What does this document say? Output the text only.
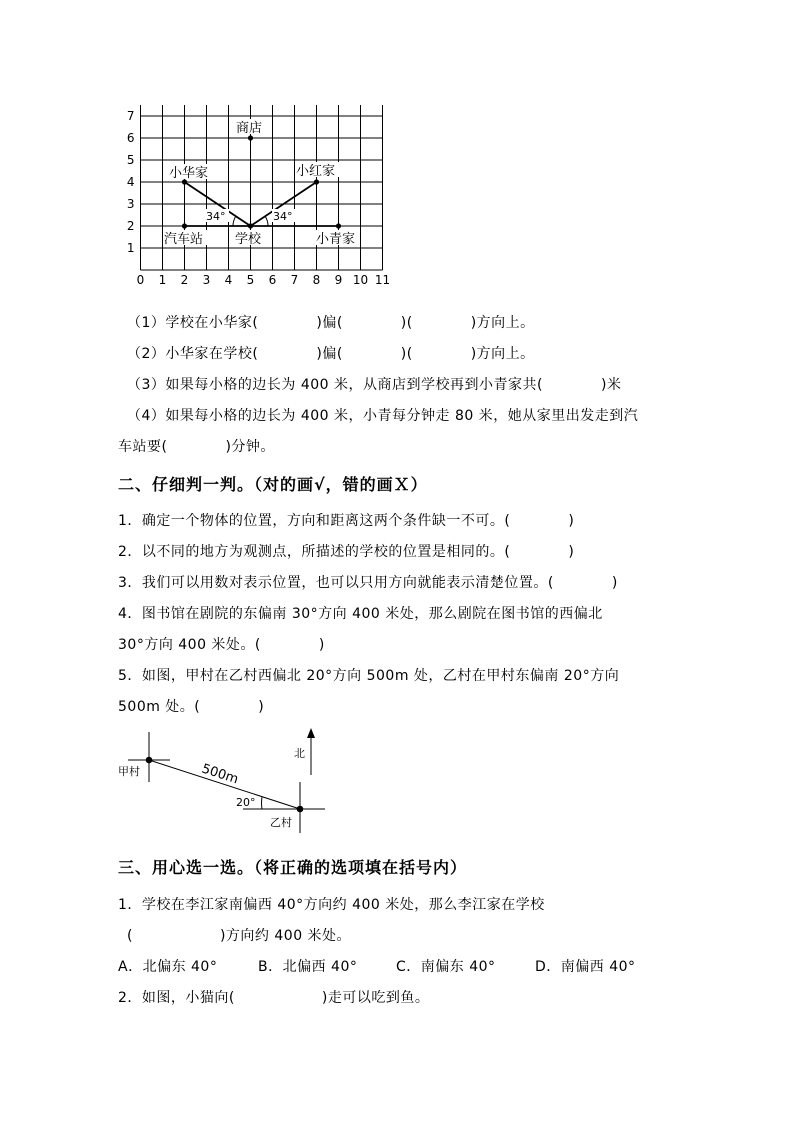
0 1 2 3 4 5 6 7 8 9 10 11
1
2
3
4
5
6
7
商店
小华家	小红家
34°	34°
汽车站 学校	小青家
（1）学校在小华家(　　　　)偏(　　　　)(　　　　)方向上。
（2）小华家在学校(　　　　)偏(　　　　)(　　　　)方向上。
（3）如果每小格的边长为 400 米，从商店到学校再到小青家共(　　　　)米
（4）如果每小格的边长为 400 米，小青每分钟走 80 米，她从家里出发走到汽
车站要(　　　　)分钟。
二、仔细判一判。（对的画√，错的画Ｘ）
1．确定一个物体的位置，方向和距离这两个条件缺一不可。(　　　　)
2．以不同的地方为观测点，所描述的学校的位置是相同的。(　　　　)
3．我们可以用数对表示位置，也可以只用方向就能表示清楚位置。(　　　　)
4．图书馆在剧院的东偏南 30°方向 400 米处，那么剧院在图书馆的西偏北
30°方向 400 米处。(　　　　)
5．如图，甲村在乙村西偏北 20°方向 500m 处，乙村在甲村东偏南 20°方向
500m 处。(　　　　)
甲村
乙村
500m
20°
北
三、用心选一选。（将正确的选项填在括号内）
1．学校在李江家南偏西 40°方向约 400 米处，那么李江家在学校
(　　　　　　)方向约 400 米处。
A．北偏东 40°	B．北偏西 40°	C．南偏东 40°	D．南偏西 40°
2．如图，小猫向(　　　　　　)走可以吃到鱼。
